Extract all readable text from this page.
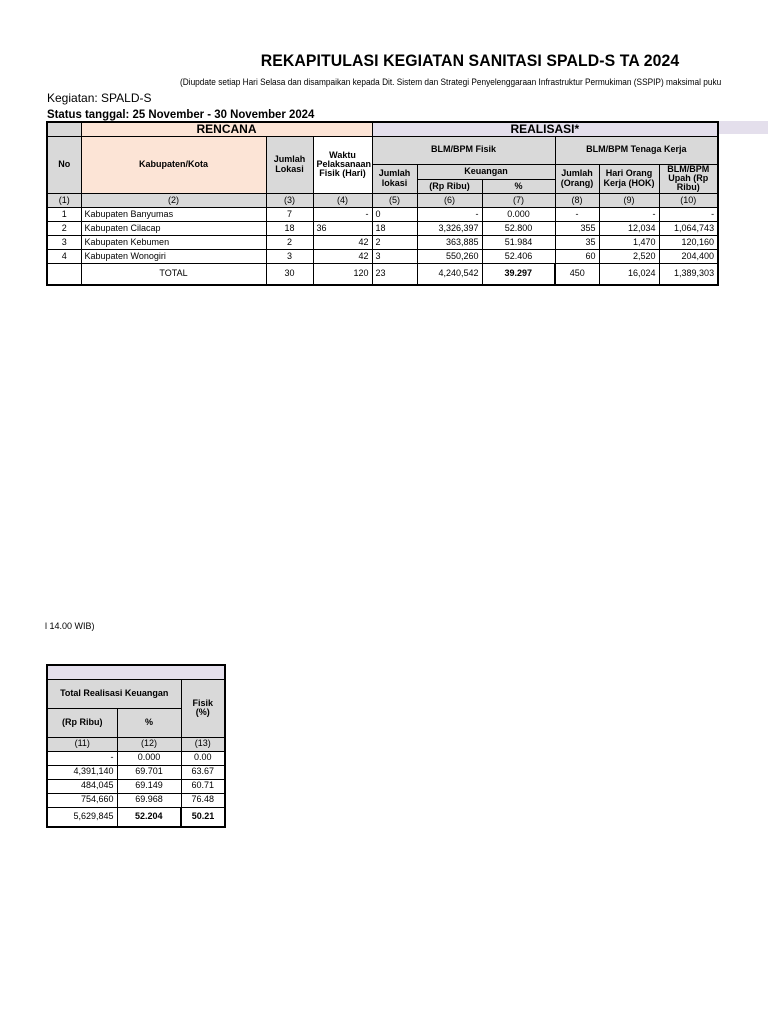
REKAPITULASI KEGIATAN SANITASI SPALD-S TA 2024
(Diupdate setiap Hari Selasa dan disampaikan kepada Dit. Sistem dan Strategi Penyelenggaraan Infrastruktur Permukiman (SSPIP) maksimal puku
Kegiatan: SPALD-S
Status tanggal: 25 November - 30 November 2024
	RENCANA			REALISASI*					
No	Kabupaten/Kota	Jumlah Lokasi	Waktu Pelaksanaan Fisik (Hari)	BLM/BPM Fisik			BLM/BPM Tenaga Kerja		
				Jumlah lokasi	Keuangan		Jumlah (Orang)	Hari Orang Kerja (HOK)	BLM/BPM Upah (Rp Ribu)
					(Rp Ribu)	%			
(1)	(2)	(3)	(4)	(5)	(6)	(7)	(8)	(9)	(10)
1	Kabupaten Banyumas	7	-	0	-	0.000	-	-	-
2	Kabupaten Cilacap	18	36	18	3,326,397	52.800	355	12,034	1,064,743
3	Kabupaten Kebumen	2	42	2	363,885	51.984	35	1,470	120,160
4	Kabupaten Wonogiri	3	42	3	550,260	52.406	60	2,520	204,400
	TOTAL	30	120	23	4,240,542	39.297	450	16,024	1,389,303
l 14.00 WIB)

Total Realisasi Keuangan		Fisik (%)
(Rp Ribu)	%	
(11)	(12)	(13)
-	0.000	0.00
4,391,140	69.701	63.67
484,045	69.149	60.71
754,660	69.968	76.48
5,629,845	52.204	50.21
